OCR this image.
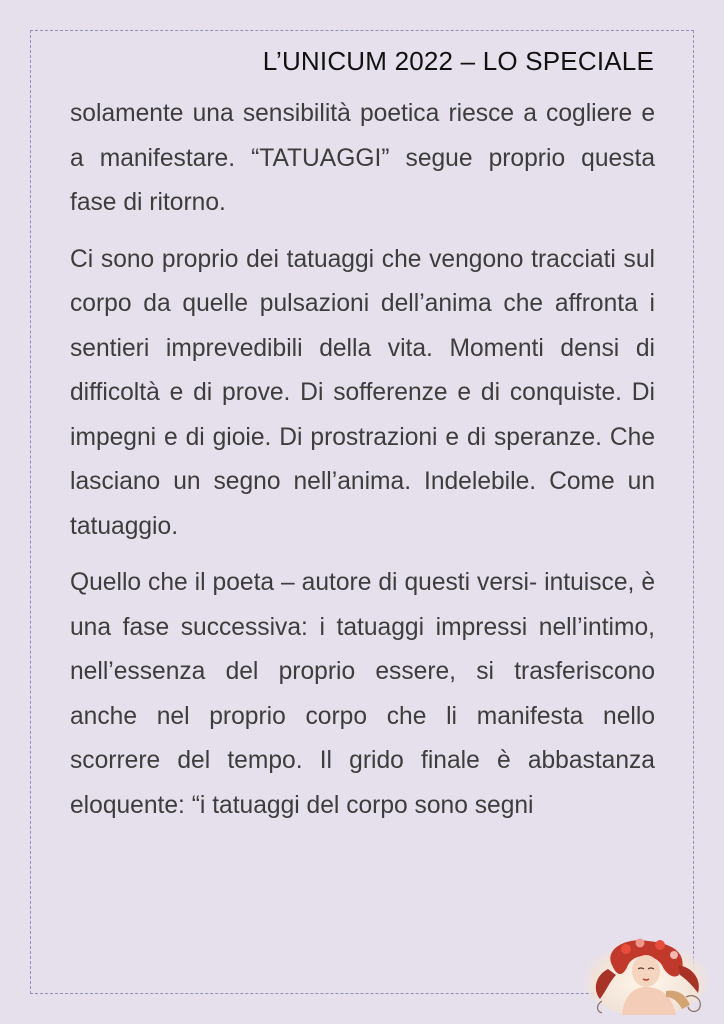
L’UNICUM 2022 – LO SPECIALE

solamente una sensibilità poetica riesce a cogliere e a manifestare. “TATUAGGI” segue proprio questa fase di ritorno.

Ci sono proprio dei tatuaggi che vengono tracciati sul corpo da quelle pulsazioni dell’anima che affronta i sentieri imprevedibili della vita. Momenti densi di difficoltà e di prove. Di sofferenze e di conquiste. Di impegni e di gioie. Di prostrazioni e di speranze. Che lasciano un segno nell’anima. Indelebile. Come un tatuaggio.

Quello che il poeta – autore di questi versi- intuisce, è una fase successiva: i tatuaggi impressi nell’intimo, nell’essenza del proprio essere, si trasferiscono anche nel proprio corpo che li manifesta nello scorrere del tempo. Il grido finale è abbastanza eloquente: “i tatuaggi del corpo sono segni
